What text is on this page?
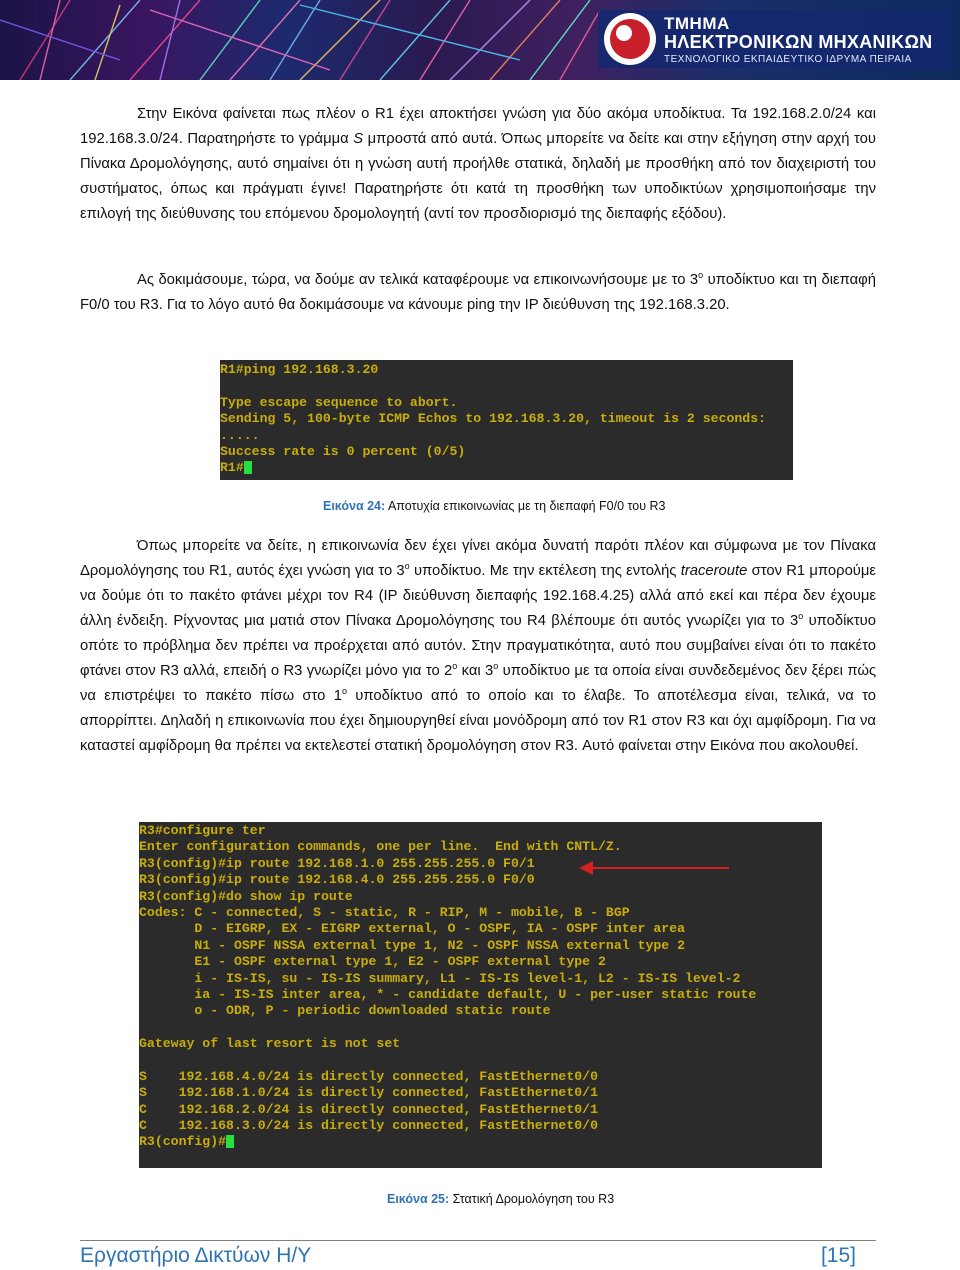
ΤΜΗΜΑ
ΗΛΕΚΤΡΟΝΙΚΩΝ ΜΗΧΑΝΙΚΩΝ
ΤΕΧΝΟΛΟΓΙΚΟ ΕΚΠΑΙΔΕΥΤΙΚΟ ΙΔΡΥΜΑ ΠΕΙΡΑΙΑ

Στην Εικόνα φαίνεται πως πλέον ο R1 έχει αποκτήσει γνώση για δύο ακόμα υποδίκτυα. Τα 192.168.2.0/24 και 192.168.3.0/24. Παρατηρήστε το γράμμα S μπροστά από αυτά. Όπως μπορείτε να δείτε και στην εξήγηση στην αρχή του Πίνακα Δρομολόγησης, αυτό σημαίνει ότι η γνώση αυτή προήλθε στατικά, δηλαδή με προσθήκη από τον διαχειριστή του συστήματος, όπως και πράγματι έγινε! Παρατηρήστε ότι κατά τη προσθήκη των υποδικτύων χρησιμοποιήσαμε την επιλογή της διεύθυνσης του επόμενου δρομολογητή (αντί τον προσδιορισμό της διεπαφής εξόδου).

Ας δοκιμάσουμε, τώρα, να δούμε αν τελικά καταφέρουμε να επικοινωνήσουμε με το $3^o$ υποδίκτυο και τη διεπαφή F0/0 του R3. Για το λόγο αυτό θα δοκιμάσουμε να κάνουμε ping την IP διεύθυνση της 192.168.3.20.

R1#ping 192.168.3.20
Type escape sequence to abort.
Sending 5, 100-byte ICMP Echos to 192.168.3.20, timeout is 2 seconds:
.....
Success rate is 0 percent (0/5)
R1#
Εικόνα 24: Αποτυχία επικοινωνίας με τη διεπαφή F0/0 του R3

Όπως μπορείτε να δείτε, η επικοινωνία δεν έχει γίνει ακόμα δυνατή παρότι πλέον και σύμφωνα με τον Πίνακα Δρομολόγησης του R1, αυτός έχει γνώση για το $3^o$ υποδίκτυο. Με την εκτέλεση της εντολής traceroute στον R1 μπορούμε να δούμε ότι το πακέτο φτάνει μέχρι τον R4 (IP διεύθυνση διεπαφής 192.168.4.25) αλλά από εκεί και πέρα δεν έχουμε άλλη ένδειξη. Ρίχνοντας μια ματιά στον Πίνακα Δρομολόγησης του R4 βλέπουμε ότι αυτός γνωρίζει για το $3^o$ υποδίκτυο οπότε το πρόβλημα δεν πρέπει να προέρχεται από αυτόν. Στην πραγματικότητα, αυτό που συμβαίνει είναι ότι το πακέτο φτάνει στον R3 αλλά, επειδή ο R3 γνωρίζει μόνο για το $2^o$ και $3^o$ υποδίκτυο με τα οποία είναι συνδεδεμένος δεν ξέρει πώς να επιστρέψει το πακέτο πίσω στο $1^o$ υποδίκτυο από το οποίο και το έλαβε. Το αποτέλεσμα είναι, τελικά, να το απορρίπτει. Δηλαδή η επικοινωνία που έχει δημιουργηθεί είναι μονόδρομη από τον R1 στον R3 και όχι αμφίδρομη. Για να καταστεί αμφίδρομη θα πρέπει να εκτελεστεί στατική δρομολόγηση στον R3. Αυτό φαίνεται στην Εικόνα που ακολουθεί.

R3#configure ter
Enter configuration commands, one per line.  End with CNTL/Z.
R3(config)#ip route 192.168.1.0 255.255.255.0 F0/1
R3(config)#ip route 192.168.4.0 255.255.255.0 F0/0
R3(config)#do show ip route
Codes: C - connected, S - static, R - RIP, M - mobile, B - BGP
D - EIGRP, EX - EIGRP external, O - OSPF, IA - OSPF inter area
N1 - OSPF NSSA external type 1, N2 - OSPF NSSA external type 2
E1 - OSPF external type 1, E2 - OSPF external type 2
i - IS-IS, su - IS-IS summary, L1 - IS-IS level-1, L2 - IS-IS level-2
ia - IS-IS inter area, * - candidate default, U - per-user static route
o - ODR, P - periodic downloaded static route
Gateway of last resort is not set
S    192.168.4.0/24 is directly connected, FastEthernet0/0
S    192.168.1.0/24 is directly connected, FastEthernet0/1
C    192.168.2.0/24 is directly connected, FastEthernet0/1
C    192.168.3.0/24 is directly connected, FastEthernet0/0
R3(config)#
Εικόνα 25: Στατική Δρομολόγηση του R3
Εργαστήριο Δικτύων Η/Υ	[15]
